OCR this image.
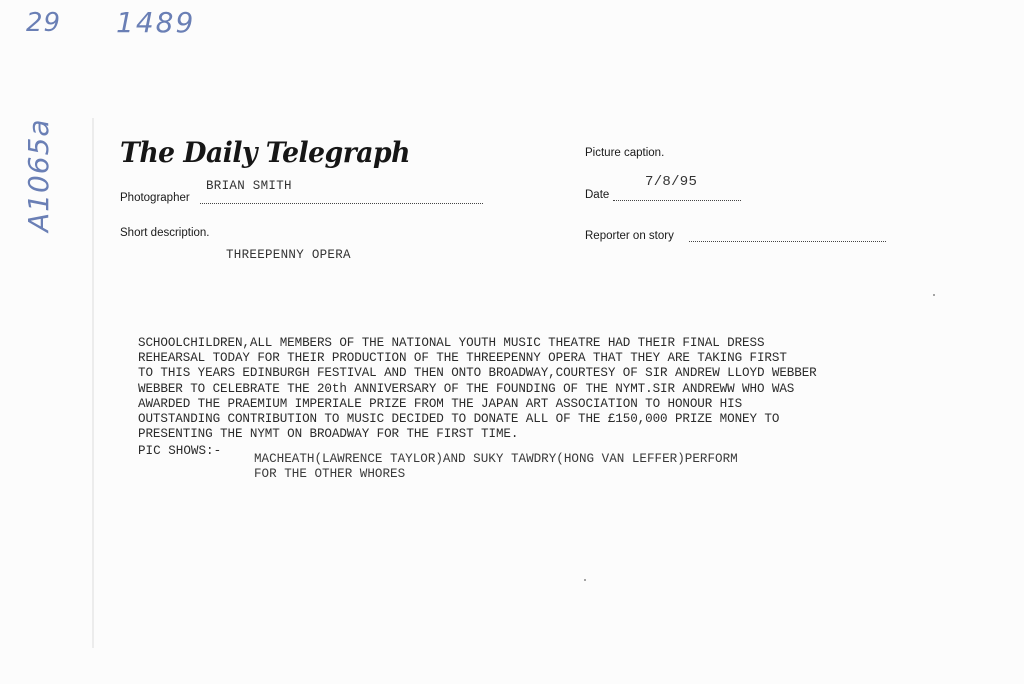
29 1489
A1065a The Daily Telegraph
Photographer
BRIAN SMITH
Picture caption.
Date
7/8/95
Short description.
THREEPENNY OPERA
Reporter on story
SCHOOLCHILDREN,ALL MEMBERS OF THE NATIONAL YOUTH MUSIC THEATRE HAD THEIR FINAL DRESS
REHEARSAL TODAY FOR THEIR PRODUCTION OF THE THREEPENNY OPERA THAT THEY ARE TAKING FIRST
TO THIS YEARS EDINBURGH FESTIVAL AND THEN ONTO BROADWAY,COURTESY OF SIR ANDREW LLOYD WEBBER
WEBBER TO CELEBRATE THE 20th ANNIVERSARY OF THE FOUNDING OF THE NYMT.SIR ANDREWW WHO WAS
AWARDED THE PRAEMIUM IMPERIALE PRIZE FROM THE JAPAN ART ASSOCIATION TO HONOUR HIS
OUTSTANDING CONTRIBUTION TO MUSIC DECIDED TO DONATE ALL OF THE £150,000 PRIZE MONEY TO
PRESENTING THE NYMT ON BROADWAY FOR THE FIRST TIME.
PIC SHOWS:-
MACHEATH(LAWRENCE TAYLOR)AND SUKY TAWDRY(HONG VAN LEFFER)PERFORM
FOR THE OTHER WHORES
